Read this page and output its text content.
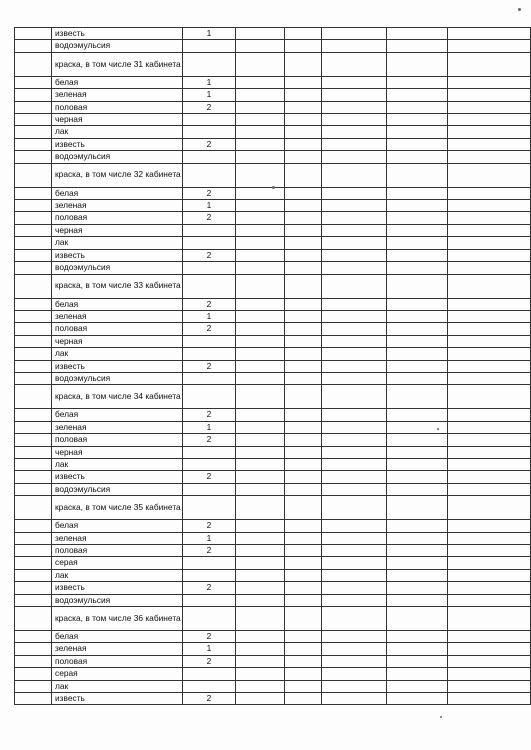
	известь	1					
	водоэмульсия						
	краска, в том числе 31 кабинета						
	белая	1					
	зеленая	1					
	половая	2					
	черная						
	лак						
	известь	2					
	водоэмульсия						
	краска, в том числе 32 кабинета						
	белая	2					
	зеленая	1					
	половая	2					
	черная						
	лак						
	известь	2					
	водоэмульсия						
	краска, в том числе 33 кабинета						
	белая	2					
	зеленая	1					
	половая	2					
	черная						
	лак						
	известь	2					
	водоэмульсия						
	краска, в том числе 34 кабинета						
	белая	2					
	зеленая	1					
	половая	2					
	черная						
	лак						
	известь	2					
	водоэмульсия						
	краска, в том числе 35 кабинета						
	белая	2					
	зеленая	1					
	половая	2					
	серая						
	лак						
	известь	2					
	водоэмульсия						
	краска, в том числе 36 кабинета						
	белая	2					
	зеленая	1					
	половая	2					
	серая						
	лак						
	известь	2					
